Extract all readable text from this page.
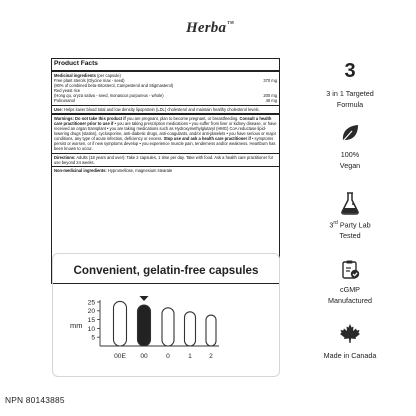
Herba™
Product Facts
Medicinal ingredients (per capsule)
Free plant sterols (Glycine max - seed)	370 mg
(80% of combined beta-Sitosterol, Campesterol and Stigmasterol)
Red yeast rice
(Hong qu, oryza sativa - seed, monascus purpureus - whole)	200 mg
Policosanol	40 mg
Use: Helps lower blood total and low density lipoprotein (LDL) cholesterol and maintain healthy cholesterol levels.
Warnings: Do not take this product if you are pregnant, plan to become pregnant, or breastfeeding. Consult a health care practitioner prior to use if • you are taking prescription medications • you suffer from liver or kidney disease, or have received an organ transplant • you are taking medications such as Hydroxymethylglutaryl (HMG) CoA reductase lipid-lowering drugs (statins), cyclosporine, anti-diabetic drugs, anti-coagulants, and/or anti-platelets • you have serious or major conditions, any type of acute infection, deficiency or excess. Stop use and ask a health care practitioner if • symptoms persist or worsen, or if new symptoms develop • you experience muscle pain, tenderness and/or weakness. Heartburn has been known to occur.
Directions: Adults (18 years and over): Take 2 capsules, 1 time per day. Take with food. Ask a health care practitioner for use beyond 24 weeks.
Non-medicinal ingredients: Hypromellose, magnesium stearate
Convenient, gelatin-free capsules
mm
25
20
15
10
5
00E 00	0	1	2
NPN 80143885
3
3 in 1 Targeted
Formula
100%
Vegan
3rd Party Lab
Tested
cGMP
Manufactured
Made in Canada
